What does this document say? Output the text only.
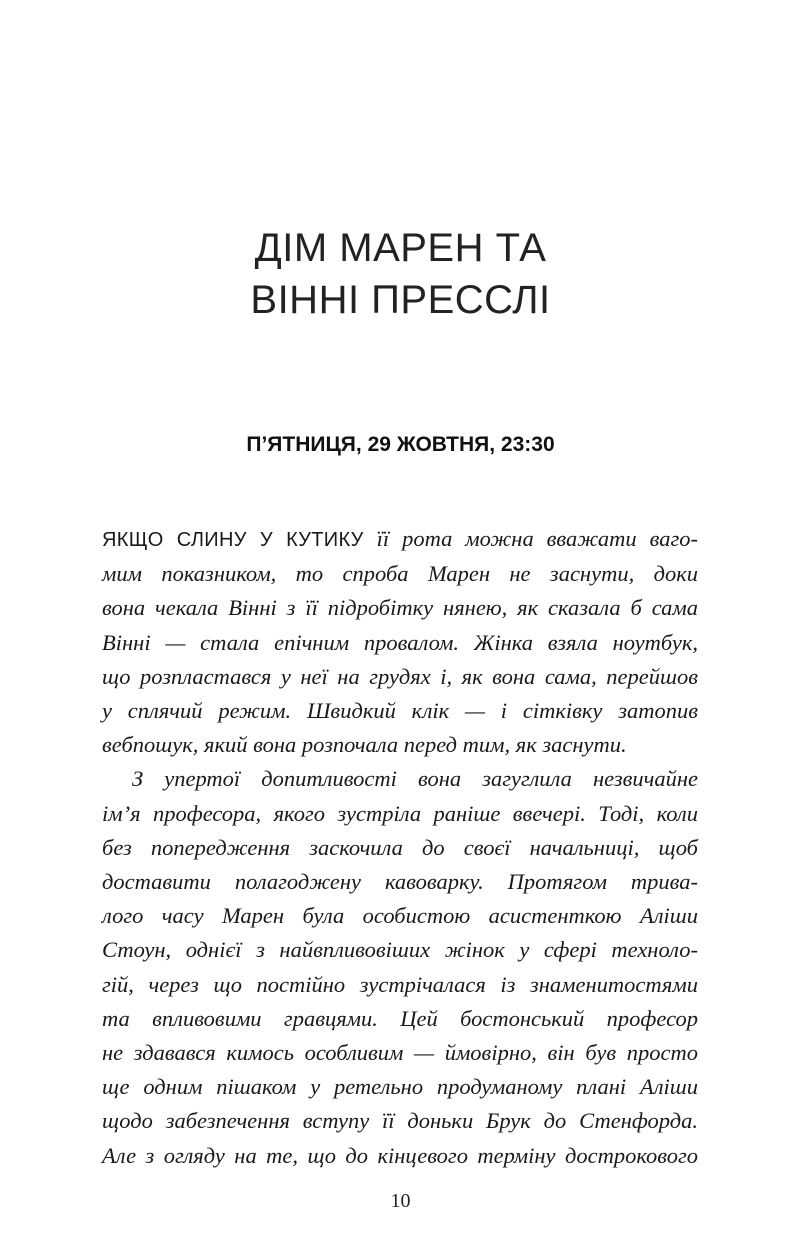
ДІМ МАРЕН ТА
ВІННІ ПРЕССЛІ
П’ЯТНИЦЯ, 29 ЖОВТНЯ, 23:30
ЯКЩО СЛИНУ У КУТИКУ її рота можна вважати ваго-
мим показником, то спроба Марен не заснути, доки
вона чекала Вінні з її підробітку нянею, як сказала б сама
Вінні — стала епічним провалом. Жінка взяла ноутбук,
що розпластався у неї на грудях і, як вона сама, перейшов
у сплячий режим. Швидкий клік — і сітківку затопив
вебпошук, який вона розпочала перед тим, як заснути.
З упертої допитливості вона загуглила незвичайне
ім’я професора, якого зустріла раніше ввечері. Тоді, коли
без попередження заскочила до своєї начальниці, щоб
доставити полагоджену кавоварку. Протягом трива-
лого часу Марен була особистою асистенткою Аліши
Стоун, однієї з найвпливовіших жінок у сфері техноло-
гій, через що постійно зустрічалася із знаменитостями
та впливовими гравцями. Цей бостонський професор
не здавався кимось особливим — ймовірно, він був просто
ще одним пішаком у ретельно продуманому плані Аліши
щодо забезпечення вступу її доньки Брук до Стенфорда.
Але з огляду на те, що до кінцевого терміну дострокового
10
